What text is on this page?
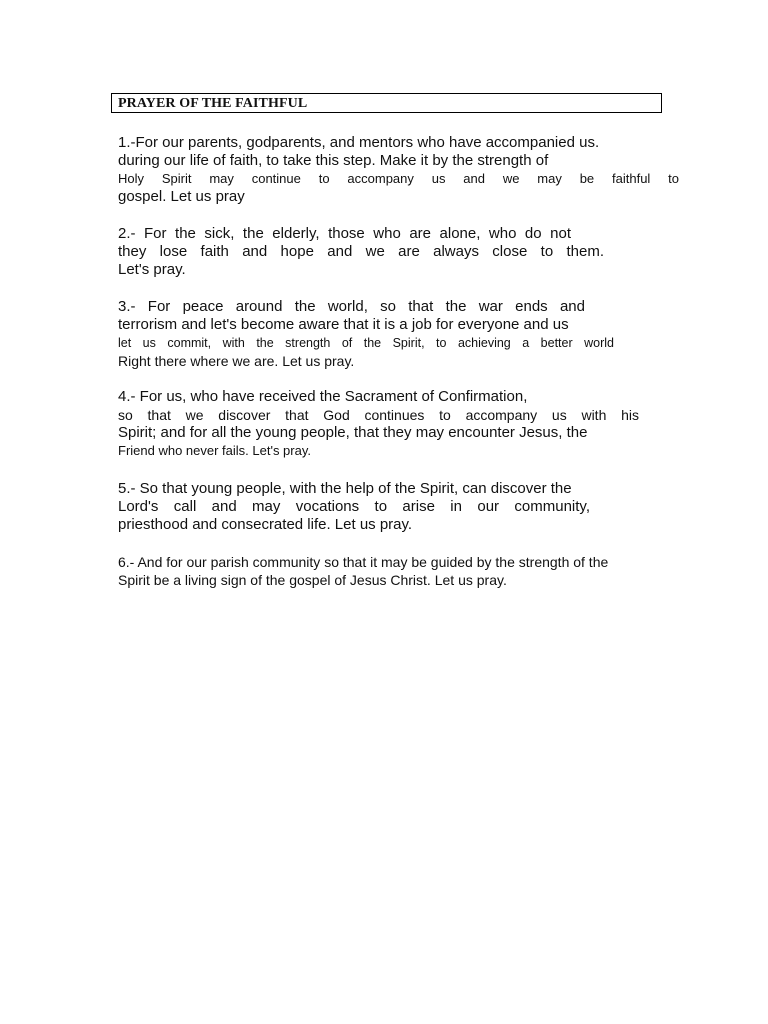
PRAYER OF THE FAITHFUL
1.-For our parents, godparents, and mentors who have accompanied us.
during our life of faith, to take this step. Make it by the strength of
Holy Spirit may continue to accompany us and we may be faithful to
gospel. Let us pray
2.- For the sick, the elderly, those who are alone, who do not
they lose faith and hope and we are always close to them.
Let's pray.
3.- For peace around the world, so that the war ends and
terrorism and let's become aware that it is a job for everyone and us
let us commit, with the strength of the Spirit, to achieving a better world
Right there where we are. Let us pray.
4.- For us, who have received the Sacrament of Confirmation,
so that we discover that God continues to accompany us with his
Spirit; and for all the young people, that they may encounter Jesus, the
Friend who never fails. Let's pray.
5.- So that young people, with the help of the Spirit, can discover the
Lord's call and may vocations to arise in our community,
priesthood and consecrated life. Let us pray.
6.- And for our parish community so that it may be guided by the strength of the
Spirit be a living sign of the gospel of Jesus Christ. Let us pray.
